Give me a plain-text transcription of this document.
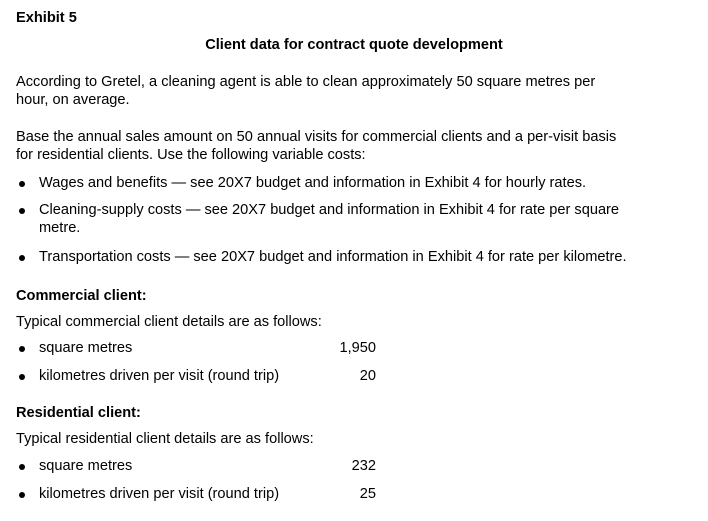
Exhibit 5
Client data for contract quote development
According to Gretel, a cleaning agent is able to clean approximately 50 square metres per
hour, on average.
Base the annual sales amount on 50 annual visits for commercial clients and a per-visit basis
for residential clients. Use the following variable costs:
Wages and benefits — see 20X7 budget and information in Exhibit 4 for hourly rates.
Cleaning-supply costs — see 20X7 budget and information in Exhibit 4 for rate per square
metre.
Transportation costs — see 20X7 budget and information in Exhibit 4 for rate per kilometre.
Commercial client:
Typical commercial client details are as follows:
square metres	1,950
kilometres driven per visit (round trip)	20
Residential client:
Typical residential client details are as follows:
square metres	232
kilometres driven per visit (round trip)	25
